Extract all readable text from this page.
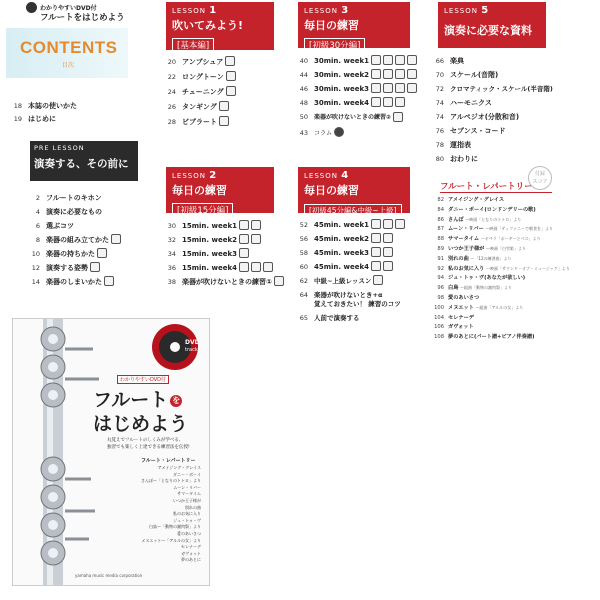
わかりやすいDVD付
フルートをはじめよう
CONTENTS
目次
18 本誌の使いかた
19 はじめに
PRE LESSON
演奏する、その前に
2 フルートのキホン
4 演奏に必要なもの
6 選ぶコツ
8 楽器の組み立てかた
10 楽器の持ちかた
12 演奏する姿勢
14 楽器のしまいかた
LESSON 1
吹いてみよう!
[基本編]
20 アンブシュア
22 ロングトーン
24 チューニング
26 タンギング
28 ビブラート
LESSON 2
毎日の練習
[初級15分編]
30 15min. week1
32 15min. week2
34 15min. week3
36 15min. week4
38 楽器が吹けないときの練習①
LESSON 3
毎日の練習
[初級30分編]
40 30min. week1
44 30min. week2
46 30min. week3
48 30min. week4
50 楽器が吹けないときの練習②
43 コラム
LESSON 4
毎日の練習
[初級45分編&中級~上級]
52 45min. week1
56 45min. week2
58 45min. week3
60 45min. week4
62 中級~上級レッスン
64 楽器が吹けないとき+α
覚えておきたい！ 練習のコツ
65 人前で演奏する
LESSON 5
演奏に必要な資料
66 楽典
70 スケール(音階)
72 クロマティック・スケール(半音階)
74 ハーモニクス
74 アルペジオ(分散和音)
76 セブンス・コード
78 運指表
80 おわりに
フルート・レパートリー
付録
スコア
82 アメイジング・グレイス
84 ダニー・ボーイ(ロンドンデリーの歌)
86 さんぽ 〜映画「となりのトトロ」より
87 ムーン・リバー 〜映画「ティファニーで朝食を」より
88 サマータイム 〜オペラ「ポーギーとベス」より
89 いつか王子様が 〜映画「白雪姫」より
91 別れの曲 〜「12の練習曲」より
92 私のお気に入り 〜映画「サウンド・オブ・ミュージック」より
94 ジュ・トゥ・ヴ(あなたが欲しい)
96 白鳥 〜組曲「動物の謝肉祭」より
98 愛のあいさつ
100 メヌエット 〜組曲「アルルの女」より
104 セレナーデ
106 ガヴォット
108 夢のあとに(パート譜+ピアノ伴奏譜)
DVD
track
わかりやすいDVD付
フルート を
はじめよう
丸覚えでフルートのしくみが学べる、
独習でも楽しく上達できる練習法を伝授!
フルート・レパートリー
アメイジング・グレイス
ダニー・ボーイ
さんぽ〜「となりのトトロ」より
ムーン・リバー
サマータイム
いつか王子様が
別れの曲
私のお気に入り
ジュ・トゥ・ヴ
白鳥〜「動物の謝肉祭」より
愛のあいさつ
メヌエット〜「アルルの女」より
セレナーデ
ガヴォット
夢のあとに
yamaha music media corporation
